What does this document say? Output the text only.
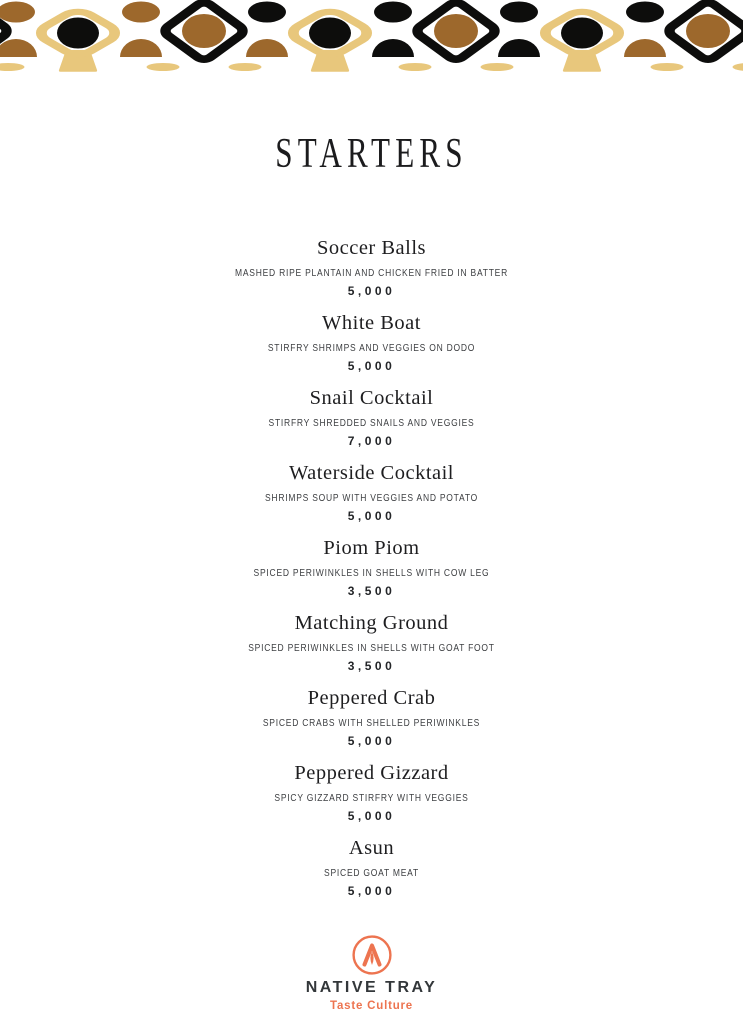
STARTERS
Soccer Balls

MASHED RIPE PLANTAIN AND CHICKEN FRIED IN BATTER

5,000

White Boat

STIRFRY SHRIMPS AND VEGGIES ON DODO

5,000

Snail Cocktail

STIRFRY SHREDDED SNAILS AND VEGGIES

7,000

Waterside Cocktail

SHRIMPS SOUP WITH VEGGIES AND POTATO

5,000

Piom Piom

SPICED PERIWINKLES IN SHELLS WITH COW LEG

3,500

Matching Ground

SPICED PERIWINKLES IN SHELLS WITH GOAT FOOT

3,500

Peppered Crab

SPICED CRABS WITH SHELLED PERIWINKLES

5,000

Peppered Gizzard

SPICY GIZZARD STIRFRY WITH VEGGIES

5,000

Asun

SPICED GOAT MEAT

5,000

NATIVE TRAY
Taste Culture
